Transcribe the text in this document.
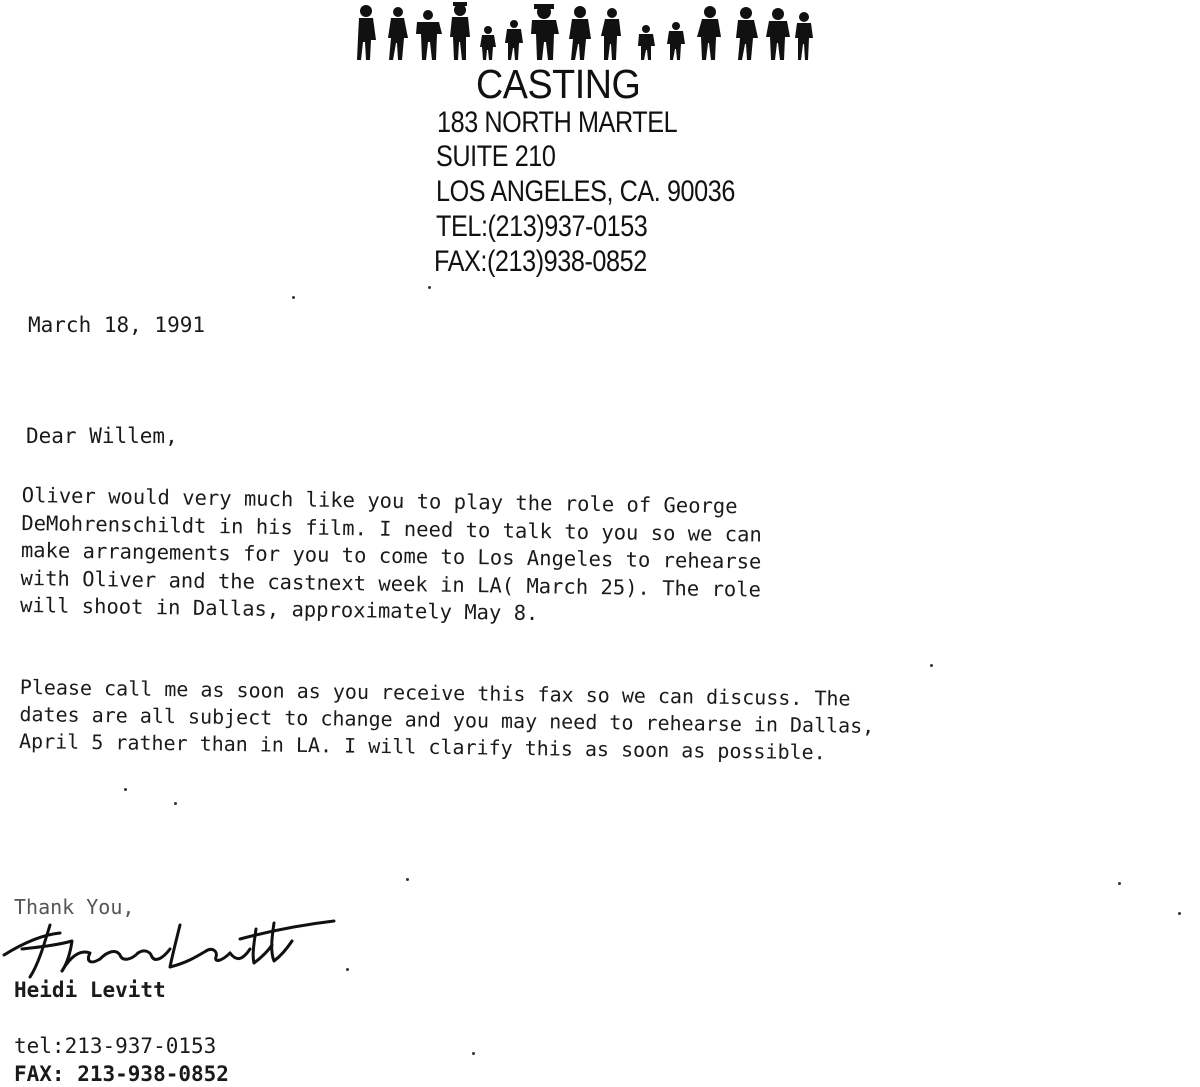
CASTING
183 NORTH MARTEL
SUITE 210
LOS ANGELES, CA. 90036
TEL:(213)937-0153
FAX:(213)938-0852
March 18, 1991
Dear Willem,
Oliver would very much like you to play the role of George
DeMohrenschildt in his film. I need to talk to you so we can
make arrangements for you to come to Los Angeles to rehearse
with Oliver and the castnext week in LA( March 25). The role
will shoot in Dallas, approximately May 8.
Please call me as soon as you receive this fax so we can discuss. The
dates are all subject to change and you may need to rehearse in Dallas,
April 5 rather than in LA. I will clarify this as soon as possible.
Thank You,
Heidi Levitt
tel:213-937-0153
FAX: 213-938-0852
